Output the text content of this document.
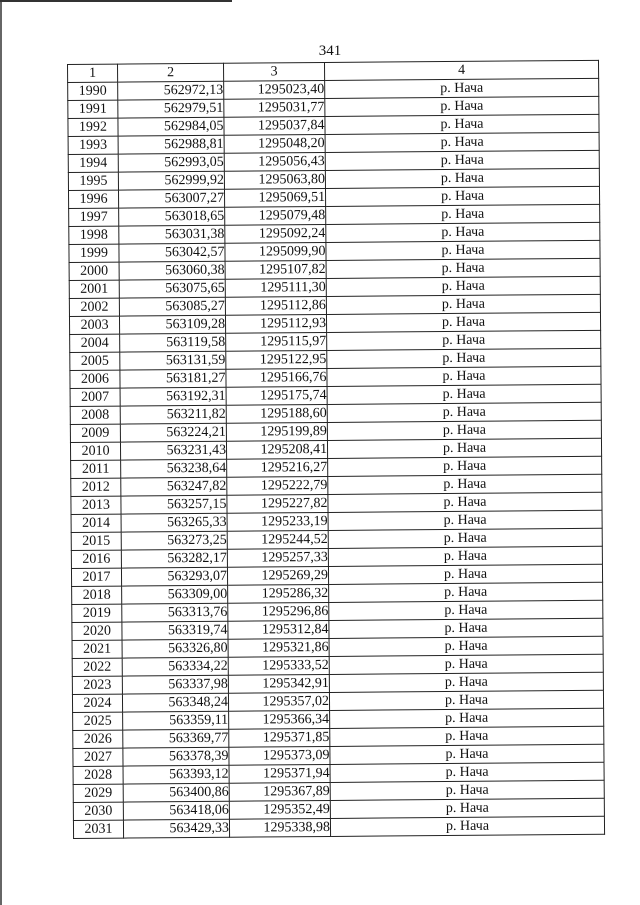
341
1	2	3	4
1990	562972,13	1295023,40	р. Нача
1991	562979,51	1295031,77	р. Нача
1992	562984,05	1295037,84	р. Нача
1993	562988,81	1295048,20	р. Нача
1994	562993,05	1295056,43	р. Нача
1995	562999,92	1295063,80	р. Нача
1996	563007,27	1295069,51	р. Нача
1997	563018,65	1295079,48	р. Нача
1998	563031,38	1295092,24	р. Нача
1999	563042,57	1295099,90	р. Нача
2000	563060,38	1295107,82	р. Нача
2001	563075,65	1295111,30	р. Нача
2002	563085,27	1295112,86	р. Нача
2003	563109,28	1295112,93	р. Нача
2004	563119,58	1295115,97	р. Нача
2005	563131,59	1295122,95	р. Нача
2006	563181,27	1295166,76	р. Нача
2007	563192,31	1295175,74	р. Нача
2008	563211,82	1295188,60	р. Нача
2009	563224,21	1295199,89	р. Нача
2010	563231,43	1295208,41	р. Нача
2011	563238,64	1295216,27	р. Нача
2012	563247,82	1295222,79	р. Нача
2013	563257,15	1295227,82	р. Нача
2014	563265,33	1295233,19	р. Нача
2015	563273,25	1295244,52	р. Нача
2016	563282,17	1295257,33	р. Нача
2017	563293,07	1295269,29	р. Нача
2018	563309,00	1295286,32	р. Нача
2019	563313,76	1295296,86	р. Нача
2020	563319,74	1295312,84	р. Нача
2021	563326,80	1295321,86	р. Нача
2022	563334,22	1295333,52	р. Нача
2023	563337,98	1295342,91	р. Нача
2024	563348,24	1295357,02	р. Нача
2025	563359,11	1295366,34	р. Нача
2026	563369,77	1295371,85	р. Нача
2027	563378,39	1295373,09	р. Нача
2028	563393,12	1295371,94	р. Нача
2029	563400,86	1295367,89	р. Нача
2030	563418,06	1295352,49	р. Нача
2031	563429,33	1295338,98	р. Нача
